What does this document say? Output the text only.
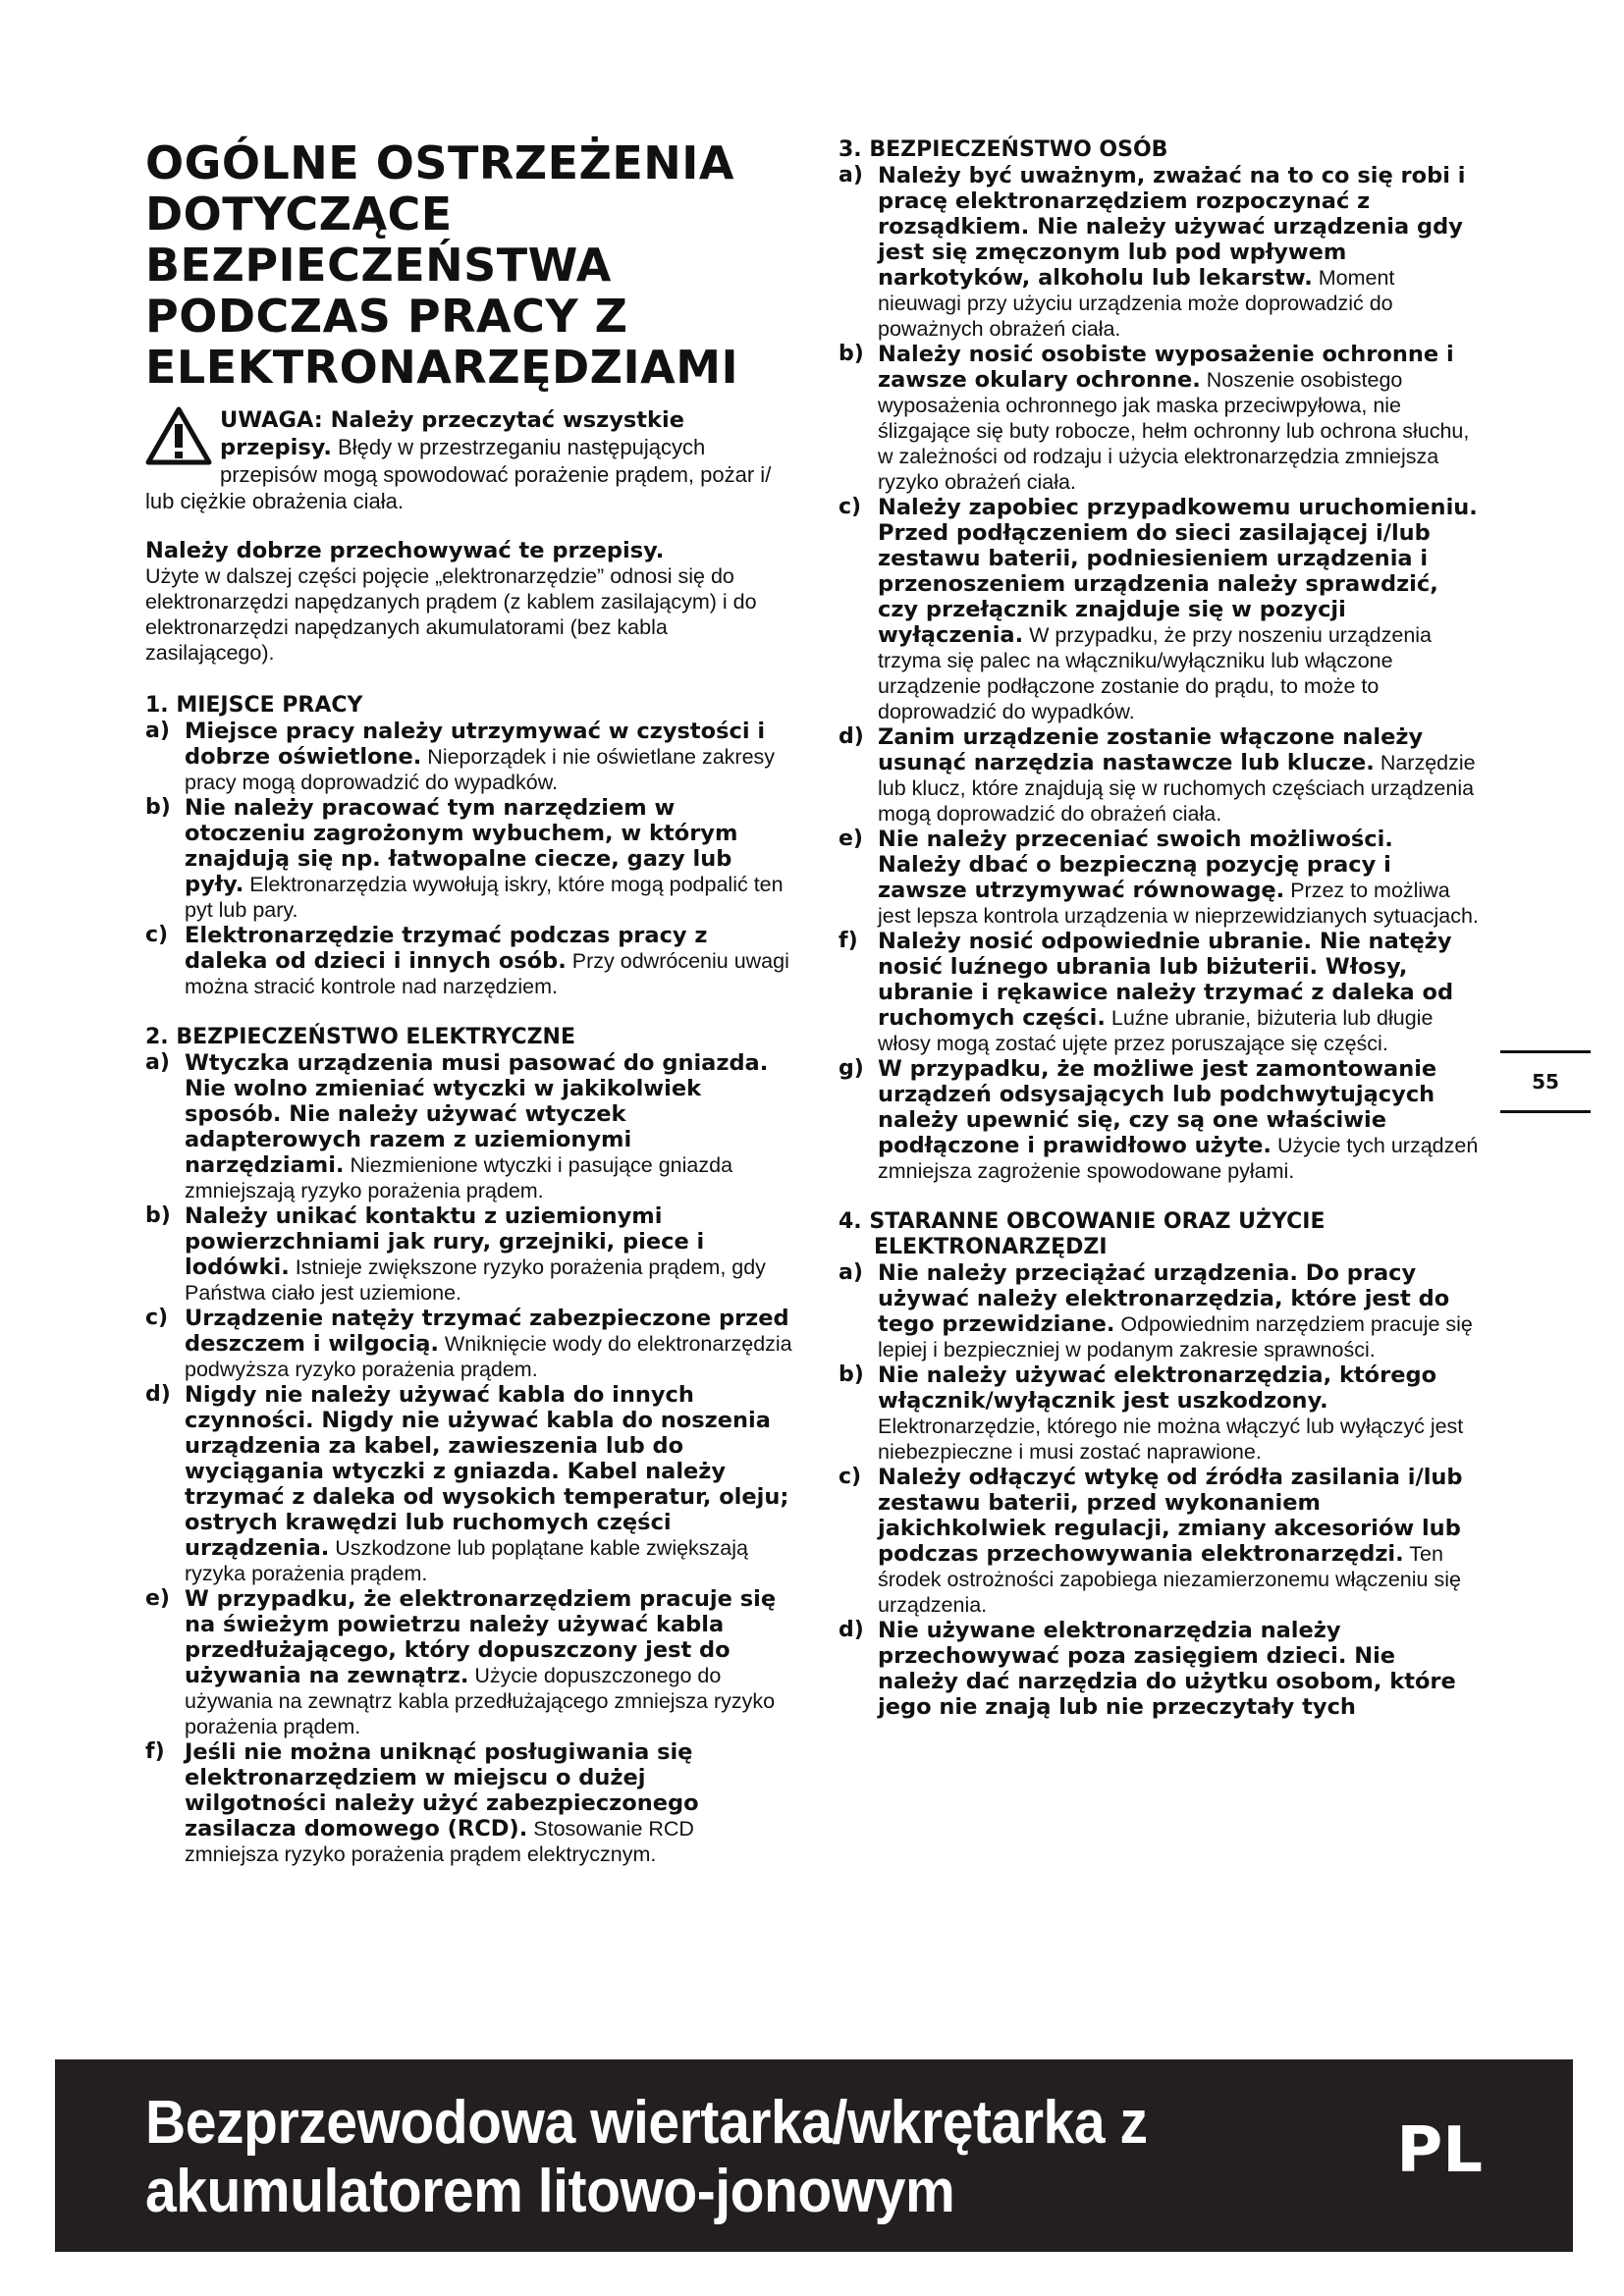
OGÓLNE OSTRZEŻENIA
DOTYCZĄCE
BEZPIECZEŃSTWA
PODCZAS PRACY Z
ELEKTRONARZĘDZIAMI
UWAGA: Należy przeczytać wszystkie przepisy. Błędy w przestrzeganiu następujących przepisów mogą spowodować porażenie prądem, pożar i/ lub ciężkie obrażenia ciała.

Należy dobrze przechowywać te przepisy.
Użyte w dalszej części pojęcie „elektronarzędzie” odnosi się do elektronarzędzi napędzanych prądem (z kablem zasilającym) i do elektronarzędzi napędzanych akumulatorami (bez kabla zasilającego).

1. MIEJSCE PRACY

a) Miejsce pracy należy utrzymywać w czystości i dobrze oświetlone. Nieporządek i nie oświetlane zakresy pracy mogą doprowadzić do wypadków.

b) Nie należy pracować tym narzędziem w otoczeniu zagrożonym wybuchem, w którym znajdują się np. łatwopalne ciecze, gazy lub pyły. Elektronarzędzia wywołują iskry, które mogą podpalić ten pyt lub pary.

c) Elektronarzędzie trzymać podczas pracy z daleka od dzieci i innych osób. Przy odwróceniu uwagi można stracić kontrole nad narzędziem.

2. BEZPIECZEŃSTWO ELEKTRYCZNE

a) Wtyczka urządzenia musi pasować do gniazda. Nie wolno zmieniać wtyczki w jakikolwiek sposób. Nie należy używać wtyczek adapterowych razem z uziemionymi narzędziami. Niezmienione wtyczki i pasujące gniazda zmniejszają ryzyko porażenia prądem.

b) Należy unikać kontaktu z uziemionymi powierzchniami jak rury, grzejniki, piece i lodówki. Istnieje zwiększone ryzyko porażenia prądem, gdy Państwa ciało jest uziemione.

c) Urządzenie natęży trzymać zabezpieczone przed deszczem i wilgocią. Wniknięcie wody do elektronarzędzia podwyższa ryzyko porażenia prądem.

d) Nigdy nie należy używać kabla do innych czynności. Nigdy nie używać kabla do noszenia urządzenia za kabel, zawieszenia lub do wyciągania wtyczki z gniazda. Kabel należy trzymać z daleka od wysokich temperatur, oleju; ostrych krawędzi lub ruchomych części urządzenia. Uszkodzone lub poplątane kable zwiększają ryzyka porażenia prądem.

e) W przypadku, że elektronarzędziem pracuje się na świeżym powietrzu należy używać kabla przedłużającego, który dopuszczony jest do używania na zewnątrz. Użycie dopuszczonego do używania na zewnątrz kabla przedłużającego zmniejsza ryzyko porażenia prądem.

f) Jeśli nie można uniknąć posługiwania się elektronarzędziem w miejscu o dużej wilgotności należy użyć zabezpieczonego zasilacza domowego (RCD). Stosowanie RCD zmniejsza ryzyko porażenia prądem elektrycznym.

3. BEZPIECZEŃSTWO OSÓB

a) Należy być uważnym, zważać na to co się robi i pracę elektronarzędziem rozpoczynać z rozsądkiem. Nie należy używać urządzenia gdy jest się zmęczonym lub pod wpływem narkotyków, alkoholu lub lekarstw. Moment nieuwagi przy użyciu urządzenia może doprowadzić do poważnych obrażeń ciała.

b) Należy nosić osobiste wyposażenie ochronne i zawsze okulary ochronne. Noszenie osobistego wyposażenia ochronnego jak maska przeciwpyłowa, nie ślizgające się buty robocze, hełm ochronny lub ochrona słuchu, w zależności od rodzaju i użycia elektronarzędzia zmniejsza ryzyko obrażeń ciała.

c) Należy zapobiec przypadkowemu uruchomieniu. Przed podłączeniem do sieci zasilającej i/lub zestawu baterii, podniesieniem urządzenia i przenoszeniem urządzenia należy sprawdzić, czy przełącznik znajduje się w pozycji wyłączenia. W przypadku, że przy noszeniu urządzenia trzyma się palec na włączniku/wyłączniku lub włączone urządzenie podłączone zostanie do prądu, to może to doprowadzić do wypadków.

d) Zanim urządzenie zostanie włączone należy usunąć narzędzia nastawcze lub klucze. Narzędzie lub klucz, które znajdują się w ruchomych częściach urządzenia mogą doprowadzić do obrażeń ciała.

e) Nie należy przeceniać swoich możliwości. Należy dbać o bezpieczną pozycję pracy i zawsze utrzymywać równowagę. Przez to możliwa jest lepsza kontrola urządzenia w nieprzewidzianych sytuacjach.

f) Należy nosić odpowiednie ubranie. Nie natęży nosić luźnego ubrania lub biżuterii. Włosy, ubranie i rękawice należy trzymać z daleka od ruchomych części. Luźne ubranie, biżuteria lub długie włosy mogą zostać ujęte przez poruszające się części.

g) W przypadku, że możliwe jest zamontowanie urządzeń odsysających lub podchwytujących należy upewnić się, czy są one właściwie podłączone i prawidłowo użyte. Użycie tych urządzeń zmniejsza zagrożenie spowodowane pyłami.

4. STARANNE OBCOWANIE ORAZ UŻYCIE ELEKTRONARZĘDZI

a) Nie należy przeciążać urządzenia. Do pracy używać należy elektronarzędzia, które jest do tego przewidziane. Odpowiednim narzędziem pracuje się lepiej i bezpieczniej w podanym zakresie sprawności.

b) Nie należy używać elektronarzędzia, którego włącznik/wyłącznik jest uszkodzony. Elektronarzędzie, którego nie można włączyć lub wyłączyć jest niebezpieczne i musi zostać naprawione.

c) Należy odłączyć wtykę od źródła zasilania i/lub zestawu baterii, przed wykonaniem jakichkolwiek regulacji, zmiany akcesoriów lub podczas przechowywania elektronarzędzi. Ten środek ostrożności zapobiega niezamierzonemu włączeniu się urządzenia.

d) Nie używane elektronarzędzia należy przechowywać poza zasięgiem dzieci. Nie należy dać narzędzia do użytku osobom, które jego nie znają lub nie przeczytały tych

55
Bezprzewodowa wiertarka/wkrętarka z
akumulatorem litowo-jonowym
PL
